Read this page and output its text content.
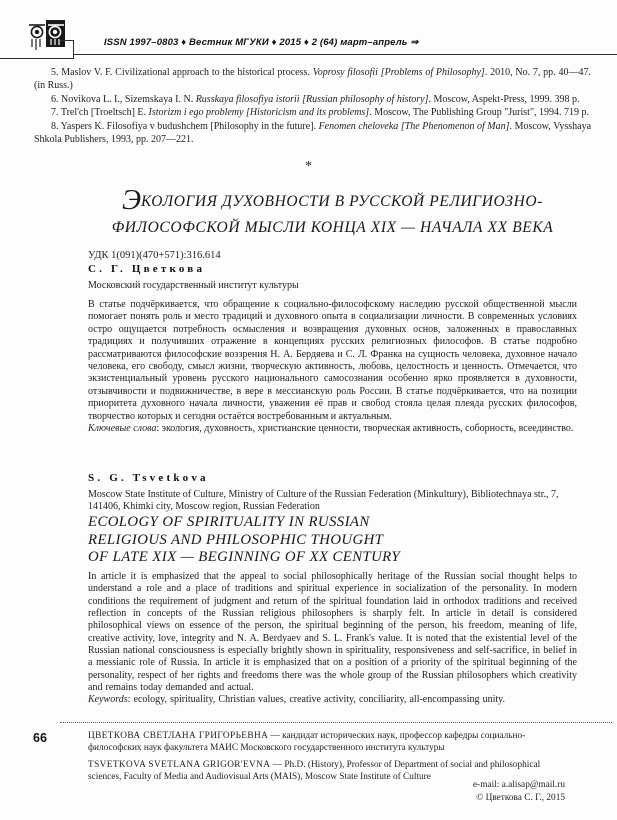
ISSN 1997–0803 ♦ Вестник МГУКИ ♦ 2015 ♦ 2 (64) март–апрель ⇒

5. Maslov V. F. Civilizational approach to the historical process. Voprosy filosofii [Problems of Philosophy]. 2010, No. 7, pp. 40—47. (in Russ.)

6. Novikova L. I., Sizemskaya I. N. Russkaya filosofiya istorii [Russian philosophy of history]. Moscow, Aspekt-Press, 1999. 398 p.

7. Trel'ch [Troeltsch] E. Istorizm i ego problemy [Historicism and its problems]. Moscow, The Publishing Group "Jurist", 1994. 719 p.

8. Yaspers K. Filosofiya v budushchem [Philosophy in the future]. Fenomen cheloveka [The Phenomenon of Man]. Moscow, Vysshaya Shkola Publishers, 1993, pp. 207—221.

*
ЭКОЛОГИЯ ДУХОВНОСТИ В РУССКОЙ РЕЛИГИОЗНО-
ФИЛОСОФСКОЙ МЫСЛИ КОНЦА XIX — НАЧАЛА XX ВЕКА
УДК 1(091)(470+571):316.614
С. Г. Цветкова
Московский государственный институт культуры

В статье подчёркивается, что обращение к социально-философскому наследию русской общественной мысли помогает понять роль и место традиций и духовного опыта в социализации личности. В современных условиях остро ощущается потребность осмысления и возвращения духовных основ, заложенных в православных традициях и получивших отражение в концепциях русских религиозных философов. В статье подробно рассматриваются философские воззрения Н. А. Бердяева и С. Л. Франка на сущность человека, духовное начало человека, его свободу, смысл жизни, творческую активность, любовь, целостность и ценность. Отмечается, что экзистенциальный уровень русского национального самосознания особенно ярко проявляется в духовности, отзывчивости и подвижничестве, в вере в мессианскую роль России. В статье подчёркивается, что на позиции приоритета духовного начала личности, уважения её прав и свобод стояла целая плеяда русских философов, творчество которых и сегодня остаётся востребованным и актуальным.

Ключевые слова: экология, духовность, христианские ценности, творческая активность, соборность, всеединство.

S. G. Tsvetkova
Moscow State Institute of Culture, Ministry of Culture of the Russian Federation (Minkultury), Bibliotechnaya str., 7, 141406, Khimki city, Moscow region, Russian Federation
ECOLOGY OF SPIRITUALITY IN RUSSIAN
RELIGIOUS AND PHILOSOPHIC THOUGHT
OF LATE XIX — BEGINNING OF XX CENTURY

In article it is emphasized that the appeal to social philosophically heritage of the Russian social thought helps to understand a role and a place of traditions and spiritual experience in socialization of the personality. In modern conditions the requirement of judgment and return of the spiritual foundation laid in orthodox traditions and received reflection in concepts of the Russian religious philosophers is sharply felt. In article in detail is considered philosophical views on essence of the person, the spiritual beginning of the person, his freedom, meaning of life, creative activity, love, integrity and N. A. Berdyaev and S. L. Frank's value. It is noted that the existential level of the Russian national consciousness is especially brightly shown in spirituality, responsiveness and self-sacrifice, in belief in a messianic role of Russia. In article it is emphasized that on a position of a priority of the spiritual beginning of the personality, respect of her rights and freedoms there was the whole group of the Russian philosophers which creativity and remains today demanded and actual.

Keywords: ecology, spirituality, Christian values, creative activity, conciliarity, all-encompassing unity.

66	ЦВЕТКОВА СВЕТЛАНА ГРИГОРЬЕВНА — кандидат исторических наук, профессор кафедры социально-философских наук факультета МАИС Московского государственного института культуры

TSVETKOVA SVETLANA GRIGOR'EVNA — Ph.D. (History), Professor of Department of social and philosophical sciences, Faculty of Media and Audiovisual Arts (MAIS), Moscow State Institute of Culture

e-mail: a.alisap@mail.ru
© Цветкова С. Г., 2015
